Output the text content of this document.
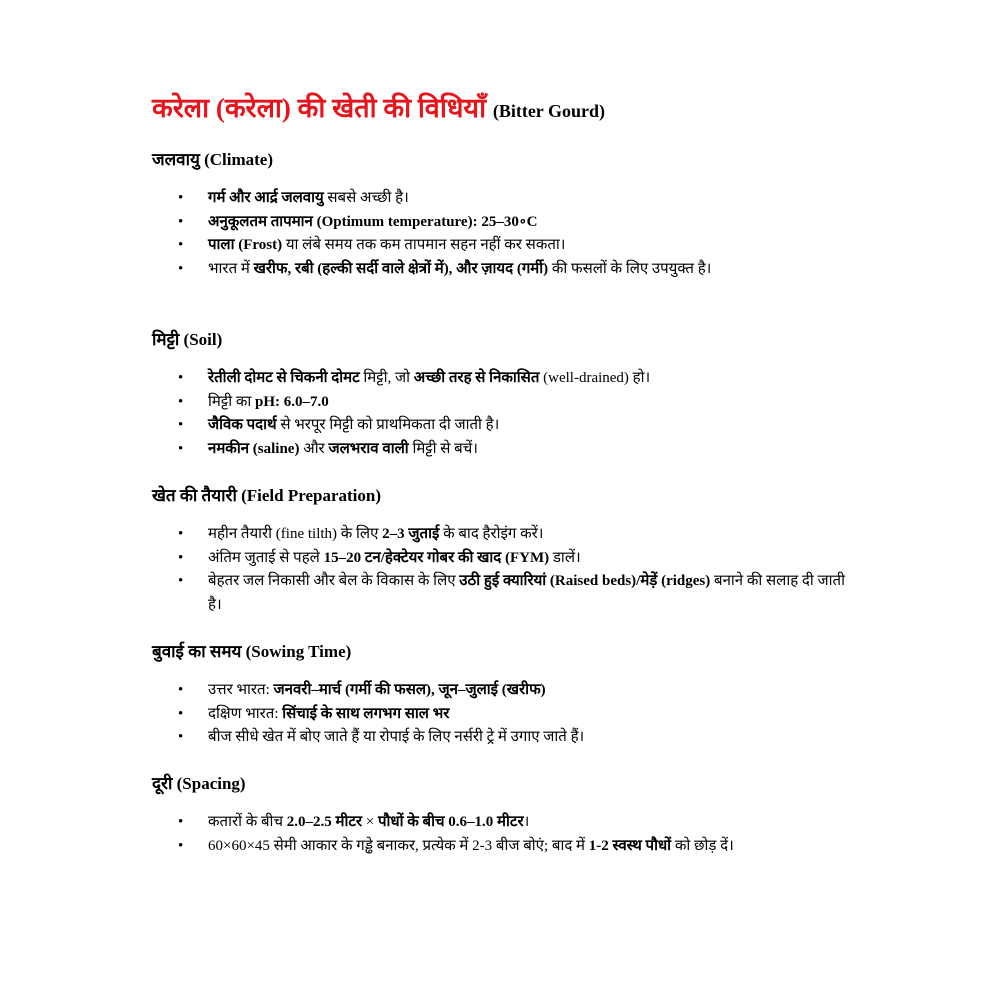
करेला (करेला) की खेती की विधियाँ (Bitter Gourd)
जलवायु (Climate)
• गर्म और आर्द्र जलवायु सबसे अच्छी है।
• अनुकूलतम तापमान (Optimum temperature): 25–30∘C
• पाला (Frost) या लंबे समय तक कम तापमान सहन नहीं कर सकता।
• भारत में खरीफ, रबी (हल्की सर्दी वाले क्षेत्रों में), और ज़ायद (गर्मी) की फसलों के लिए उपयुक्त है।
मिट्टी (Soil)
• रेतीली दोमट से चिकनी दोमट मिट्टी, जो अच्छी तरह से निकासित (well-drained) हो।
• मिट्टी का pH: 6.0–7.0
• जैविक पदार्थ से भरपूर मिट्टी को प्राथमिकता दी जाती है।
• नमकीन (saline) और जलभराव वाली मिट्टी से बचें।
खेत की तैयारी (Field Preparation)
• महीन तैयारी (fine tilth) के लिए 2–3 जुताई के बाद हैरोइंग करें।
• अंतिम जुताई से पहले 15–20 टन/हेक्टेयर गोबर की खाद (FYM) डालें।
• बेहतर जल निकासी और बेल के विकास के लिए उठी हुई क्यारियां (Raised beds)/मेड़ें (ridges) बनाने की सलाह दी जाती है।
बुवाई का समय (Sowing Time)
• उत्तर भारत: जनवरी–मार्च (गर्मी की फसल), जून–जुलाई (खरीफ)
• दक्षिण भारत: सिंचाई के साथ लगभग साल भर
• बीज सीधे खेत में बोए जाते हैं या रोपाई के लिए नर्सरी ट्रे में उगाए जाते हैं।
दूरी (Spacing)
• कतारों के बीच 2.0–2.5 मीटर × पौधों के बीच 0.6–1.0 मीटर।
• 60×60×45 सेमी आकार के गड्ढे बनाकर, प्रत्येक में 2-3 बीज बोएं; बाद में 1-2 स्वस्थ पौधों को छोड़ दें।
